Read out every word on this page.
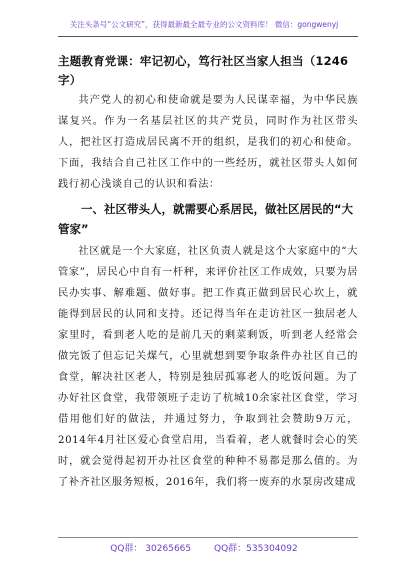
关注头条号“公文研究”，获得最新最全最专业的公文资料库！ 微信：gongwenyj

主题教育党课：牢记初心，笃行社区当家人担当（1246字）

共产党人的初心和使命就是要为人民谋幸福，为中华民族谋复兴。作为一名基层社区的共产党员，同时作为社区带头人，把社区打造成居民离不开的组织，是我们的初心和使命。下面，我结合自己社区工作中的一些经历，就社区带头人如何践行初心浅谈自己的认识和看法：

一、社区带头人，就需要心系居民，做社区居民的“大管家”

社区就是一个大家庭，社区负责人就是这个大家庭中的“大管家”，居民心中自有一杆秤，来评价社区工作成效，只要为居民办实事、解难题、做好事。把工作真正做到居民心坎上，就能得到居民的认同和支持。还记得当年在走访社区一独居老人家里时，看到老人吃的是前几天的剩菜剩饭，听到老人经常会做完饭了但忘记关煤气，心里就想到要争取条件办社区自己的食堂，解决社区老人，特别是独居孤寡老人的吃饭问题。为了办好社区食堂，我带领班子走访了杭城10余家社区食堂，学习借用他们好的做法，并通过努力，争取到社会赞助9万元，2014年4月社区爱心食堂启用，当看着，老人就餐时会心的笑时，就会觉得起初开办社区食堂的种种不易都是那么值的。为了补齐社区服务短板，2016年，我们将一废弃的水泵房改建成

QQ群： 30265665	QQ群：535304092
